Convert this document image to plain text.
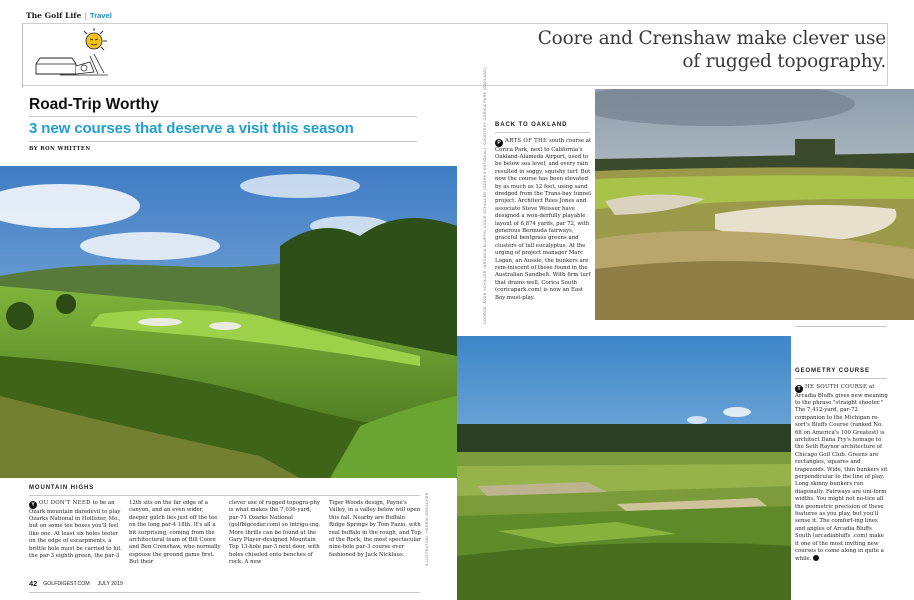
The Golf Life | Travel
Coore and Crenshaw make clever use of rugged topography.
Road-Trip Worthy
3 new courses that deserve a visit this season
BY RON WHITTEN
BACK TO OAKLAND

P ARTS OF THE south course at Corica Park, next to California's Oakland-Alameda Airport, used to be below sea level, and every rain resulted in soggy, squishy turf. But now the course has been elevated by as much as 12 feet, using sand dredged from the Trans-bay tunnel project. Architect Rees Jones and associate Steve Weisser have designed a won-derfully playable layout of 6,874 yards, par 72, with generous Bermuda fairways, graceful bentgrass greens and clusters of tall eucalyptus. At the urging of project manager Marc Logan, an Aussie, the bunkers are rem-iniscent of those found in the Australian Sandbelt. With firm turf that drains well, Corica South (coricapark.com) is now an East Bay must-play.

COURSE: EVAN SCHILLER (ARCADIA BLUFFS) LOUIS SCHALLER (OZARKS NATIONAL); COURTESY CORICA PARK (OAKLAND)
GEOMETRY COURSE

T HE SOUTH COURSE at Arcadia Bluffs gives new meaning to the phrase "straight shooter." The 7,412-yard, par-72 companion to the Michigan re-sort's Bluffs Course (ranked No. 68 on America's 100 Greatest) is architect Dana Fry's homage to the Seth Raynor architecture of Chicago Golf Club. Greens are rectangles, squares and trapezoids. Wide, thin bunkers sit perpendicular to the line of play. Long skinny bunkers run diagonally. Fairways are uni-form widths. You might not no-tice all the geometric precision of these features as you play, but you'll sense it. The comfort-ing lines and angles of Arcadia Bluffs South (arcadiabluffs .com) make it one of the most inviting new courses to come along in quite a while.

MOUNTAIN HIGHS

Y OU DON'T NEED to be an Ozark mountain daredevil to play Ozarks National in Hollister, Mo., but on some tee boxes you'll feel like one. At least six holes teeter on the edge of escarpments, a brittle hole must be carried to hit the par-3 eighth green, the par-3

12th sits on the far edge of a canyon, and an even wider, deeper gulch lies just off the tee on the long par-4 18th. It's all a bit surprising, coming from the architectural team of Bill Coore and Ben Crenshaw, who normally espouse the ground game first. But their

clever use of rugged topogra-phy is what makes the 7,036-yard, par-71 Ozarks National (golfbigcedar.com) so intrigu-ing. More thrills can be found at the Gary Player-designed Mountain Top 13-hole par-3 next door, with holes chiseled onto benches of rock. A new

Tiger Woods design, Payne's Valley, in a valley below will open this fall. Nearby are Buffalo Ridge Springs by Tom Fazio, with real buffalo in the rough, and Top of the Rock, the most spectacular nine-hole par-3 course ever fashioned by Jack Nicklaus.	ILLUSTRATION: HENRIK DRESCHER
42 GOLFDIGEST.COM JULY 2019
